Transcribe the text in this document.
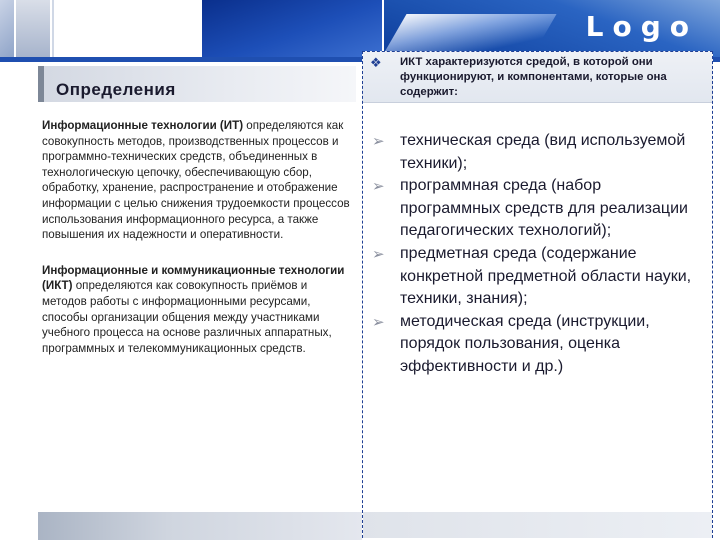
Logo
Определения

Информационные технологии (ИТ) определяются как совокупность методов, производственных процессов и программно-технических средств, объединенных в технологическую цепочку, обеспечивающую сбор, обработку, хранение, распространение и отображение информации с целью снижения трудоемкости процессов использования информационного ресурса, а также повышения их надежности и оперативности.

Информационные и коммуникационные технологии (ИКТ) определяются как совокупность приёмов и методов работы с информационными ресурсами, способы организации общения между участниками учебного процесса на основе различных аппаратных, программных и телекоммуникационных средств.

❖ ИКТ характеризуются средой, в которой они функционируют, и компонентами, которые она содержит:
➢ техническая среда (вид используемой техники);
➢ программная среда (набор программных средств для реализации педагогических технологий);
➢ предметная среда (содержание конкретной предметной области науки, техники, знания);
➢ методическая среда (инструкции, порядок пользования, оценка эффективности и др.)
